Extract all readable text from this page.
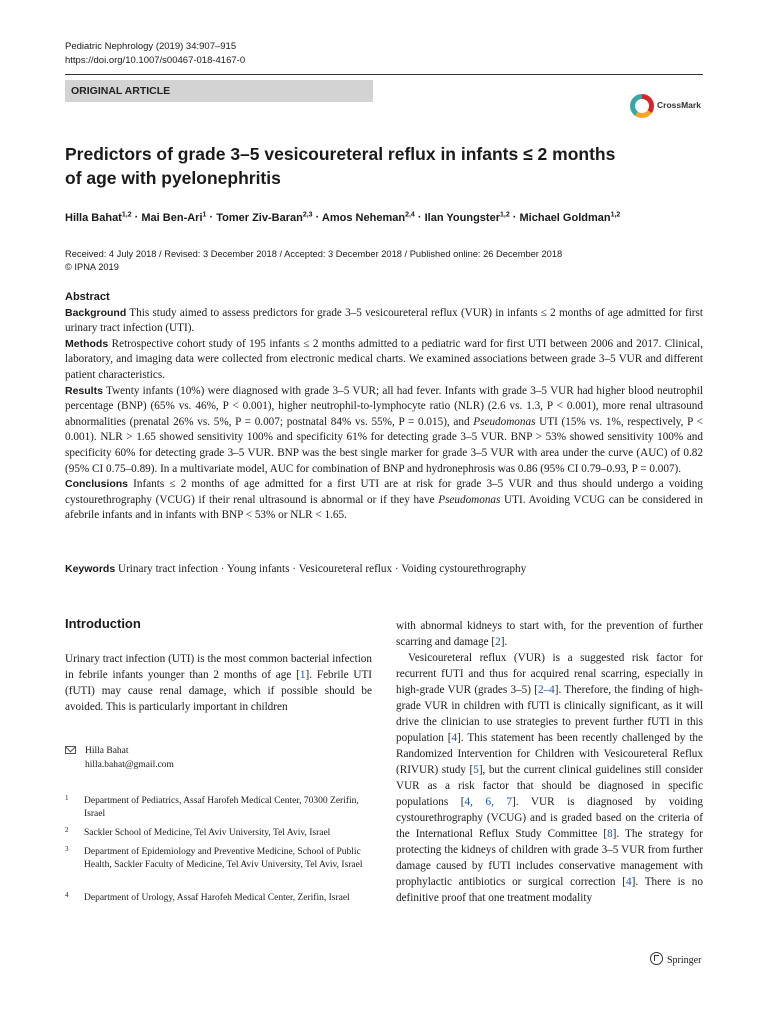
Pediatric Nephrology (2019) 34:907–915
https://doi.org/10.1007/s00467-018-4167-0
ORIGINAL ARTICLE
CrossMark
Predictors of grade 3–5 vesicoureteral reflux in infants ≤ 2 months
of age with pyelonephritis
Hilla Bahat$^{1,2}$ · Mai Ben-Ari$^1$ · Tomer Ziv-Baran$^{2,3}$ · Amos Neheman$^{2,4}$ · Ilan Youngster$^{1,2}$ · Michael Goldman$^{1,2}$
Received: 4 July 2018 / Revised: 3 December 2018 / Accepted: 3 December 2018 / Published online: 26 December 2018
© IPNA 2019
Abstract
Background This study aimed to assess predictors for grade 3–5 vesicoureteral reflux (VUR) in infants ≤ 2 months of age admitted for first urinary tract infection (UTI).
Methods Retrospective cohort study of 195 infants ≤ 2 months admitted to a pediatric ward for first UTI between 2006 and 2017. Clinical, laboratory, and imaging data were collected from electronic medical charts. We examined associations between grade 3–5 VUR and different patient characteristics.
Results Twenty infants (10%) were diagnosed with grade 3–5 VUR; all had fever. Infants with grade 3–5 VUR had higher blood neutrophil percentage (BNP) (65% vs. 46%, P < 0.001), higher neutrophil-to-lymphocyte ratio (NLR) (2.6 vs. 1.3, P < 0.001), more renal ultrasound abnormalities (prenatal 26% vs. 5%, P = 0.007; postnatal 84% vs. 55%, P = 0.015), and Pseudomonas UTI (15% vs. 1%, respectively, P < 0.001). NLR > 1.65 showed sensitivity 100% and specificity 61% for detecting grade 3–5 VUR. BNP > 53% showed sensitivity 100% and specificity 60% for detecting grade 3–5 VUR. BNP was the best single marker for grade 3–5 VUR with area under the curve (AUC) of 0.82 (95% CI 0.75–0.89). In a multivariate model, AUC for combination of BNP and hydronephrosis was 0.86 (95% CI 0.79–0.93, P = 0.007).
Conclusions Infants ≤ 2 months of age admitted for a first UTI are at risk for grade 3–5 VUR and thus should undergo a voiding cystourethrography (VCUG) if their renal ultrasound is abnormal or if they have Pseudomonas UTI. Avoiding VCUG can be considered in afebrile infants and in infants with BNP < 53% or NLR < 1.65.
Keywords Urinary tract infection · Young infants · Vesicoureteral reflux · Voiding cystourethrography
Introduction
Urinary tract infection (UTI) is the most common bacterial infection in febrile infants younger than 2 months of age [1]. Febrile UTI (fUTI) may cause renal damage, which if possible should be avoided. This is particularly important in children

with abnormal kidneys to start with, for the prevention of further scarring and damage [2].

Vesicoureteral reflux (VUR) is a suggested risk factor for recurrent fUTI and thus for acquired renal scarring, especially in high-grade VUR (grades 3–5) [2–4]. Therefore, the finding of high-grade VUR in children with fUTI is clinically significant, as it will drive the clinician to use strategies to prevent further fUTI in this population [4]. This statement has been recently challenged by the Randomized Intervention for Children with Vesicoureteral Reflux (RIVUR) study [5], but the current clinical guidelines still consider VUR as a risk factor that should be diagnosed in specific populations [4, 6, 7]. VUR is diagnosed by voiding cystourethrography (VCUG) and is graded based on the criteria of the International Reflux Study Committee [8]. The strategy for protecting the kidneys of children with grade 3–5 VUR from further damage caused by fUTI includes conservative management with prophylactic antibiotics or surgical correction [4]. There is no definitive proof that one treatment modality

Hilla Bahat
hilla.bahat@gmail.com
1 Department of Pediatrics, Assaf Harofeh Medical Center, 70300 Zerifin, Israel
2 Sackler School of Medicine, Tel Aviv University, Tel Aviv, Israel
3 Department of Epidemiology and Preventive Medicine, School of Public Health, Sackler Faculty of Medicine, Tel Aviv University, Tel Aviv, Israel
4 Department of Urology, Assaf Harofeh Medical Center, Zerifin, Israel
Springer
